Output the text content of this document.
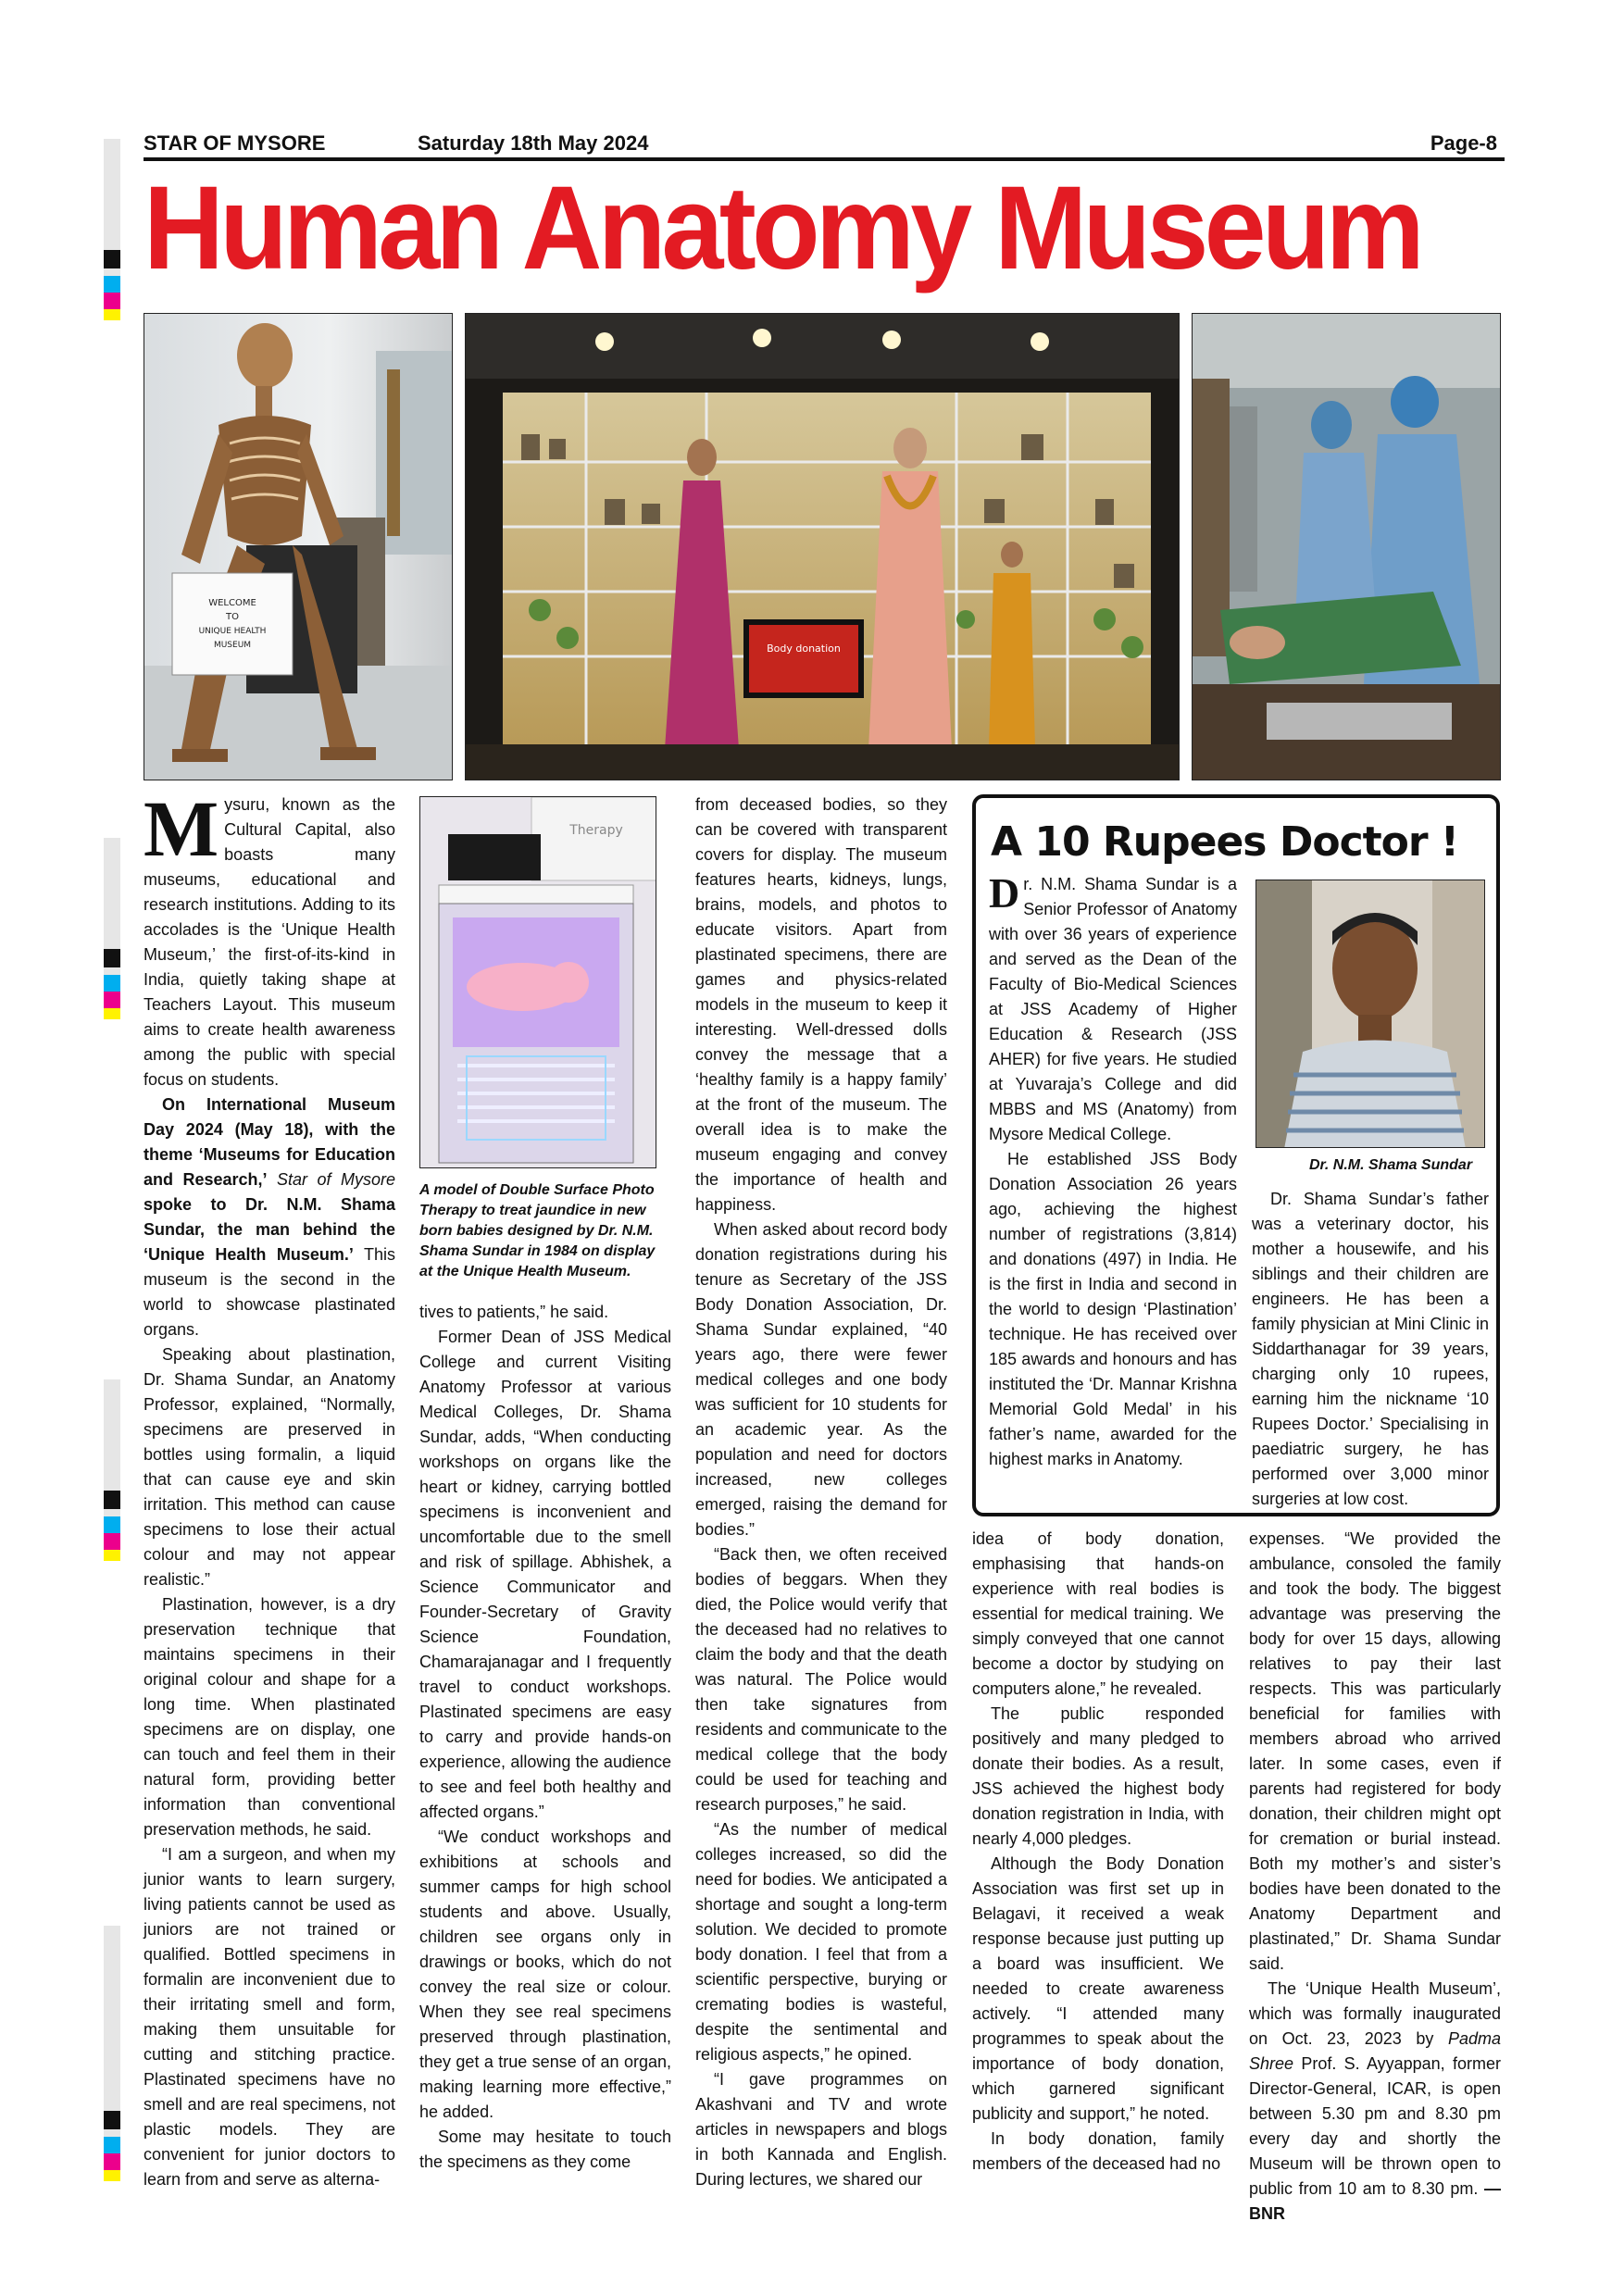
STAR OF MYSORE	Saturday 18th May 2024	Page-8
Human Anatomy Museum
WELCOME
TO
UNIQUE HEALTH
MUSEUM	Body donation

Mysuru, known as the Cultural Capital, also boasts many museums, educational and research institutions. Adding to its accolades is the ‘Unique Health Museum,’ the first-of-its-kind in India, quietly taking shape at Teachers Layout. This museum aims to create health awareness among the public with special focus on students.

On International Museum Day 2024 (May 18), with the theme ‘Museums for Education and Research,’ Star of Mysore spoke to Dr. N.M. Shama Sundar, the man behind the ‘Unique Health Museum.’ This museum is the second in the world to showcase plastinated organs.

Speaking about plastination, Dr. Shama Sundar, an Anatomy Professor, explained, “Normally, specimens are preserved in bottles using formalin, a liquid that can cause eye and skin irritation. This method can cause specimens to lose their actual colour and may not appear realistic.”

Plastination, however, is a dry preservation technique that maintains specimens in their original colour and shape for a long time. When plastinated specimens are on display, one can touch and feel them in their natural form, providing better information than conventional preservation methods, he said.

“I am a surgeon, and when my junior wants to learn surgery, living patients cannot be used as juniors are not trained or qualified. Bottled specimens in formalin are inconvenient due to their irritating smell and form, making them unsuitable for cutting and stitching practice. Plastinated specimens have no smell and are real specimens, not plastic models. They are convenient for junior doctors to learn from and serve as alterna-

Therapy
A model of Double Surface Photo Therapy to treat jaundice in new born babies designed by Dr. N.M. Shama Sundar in 1984 on display at the Unique Health Museum.

tives to patients,” he said.

Former Dean of JSS Medical College and current Visiting Anatomy Professor at various Medical Colleges, Dr. Shama Sundar, adds, “When conducting workshops on organs like the heart or kidney, carrying bottled specimens is inconvenient and uncomfortable due to the smell and risk of spillage. Abhishek, a Science Communicator and Founder-Secretary of Gravity Science Foundation, Chamarajanagar and I frequently travel to conduct workshops. Plastinated specimens are easy to carry and provide hands-on experience, allowing the audience to see and feel both healthy and affected organs.”

“We conduct workshops and exhibitions at schools and summer camps for high school students and above. Usually, children see organs only in drawings or books, which do not convey the real size or colour. When they see real specimens preserved through plastination, they get a true sense of an organ, making learning more effective,” he added.

Some may hesitate to touch the specimens as they come

from deceased bodies, so they can be covered with transparent covers for display. The museum features hearts, kidneys, lungs, brains, models, and photos to educate visitors. Apart from plastinated specimens, there are games and physics-related models in the museum to keep it interesting. Well-dressed dolls convey the message that a ‘healthy family is a happy family’ at the front of the museum. The overall idea is to make the museum engaging and convey the importance of health and happiness.

When asked about record body donation registrations during his tenure as Secretary of the JSS Body Donation Association, Dr. Shama Sundar explained, “40 years ago, there were fewer medical colleges and one body was sufficient for 10 students for an academic year. As the population and need for doctors increased, new colleges emerged, raising the demand for bodies.”

“Back then, we often received bodies of beggars. When they died, the Police would verify that the deceased had no relatives to claim the body and that the death was natural. The Police would then take signatures from residents and communicate to the medical college that the body could be used for teaching and research purposes,” he said.

“As the number of medical colleges increased, so did the need for bodies. We anticipated a shortage and sought a long-term solution. We decided to promote body donation. I feel that from a scientific perspective, burying or cremating bodies is wasteful, despite the sentimental and religious aspects,” he opined.

“I gave programmes on Akashvani and TV and wrote articles in newspapers and blogs in both Kannada and English. During lectures, we shared our

A 10 Rupees Doctor !

Dr. N.M. Shama Sundar is a Senior Professor of Anatomy with over 36 years of experience and served as the Dean of the Faculty of Bio-Medical Sciences at JSS Academy of Higher Education & Research (JSS AHER) for five years. He studied at Yuvaraja’s College and did MBBS and MS (Anatomy) from Mysore Medical College.

He established JSS Body Donation Association 26 years ago, achieving the highest number of registrations (3,814) and donations (497) in India. He is the first in India and second in the world to design ‘Plastination’ technique. He has received over 185 awards and honours and has instituted the ‘Dr. Mannar Krishna Memorial Gold Medal’ in his father’s name, awarded for the highest marks in Anatomy.

Dr. N.M. Shama Sundar

Dr. Shama Sundar’s father was a veterinary doctor, his mother a housewife, and his siblings and their children are engineers. He has been a family physician at Mini Clinic in Siddarthanagar for 39 years, charging only 10 rupees, earning him the nickname ‘10 Rupees Doctor.’ Specialising in paediatric surgery, he has performed over 3,000 minor surgeries at low cost.

idea of body donation, emphasising that hands-on experience with real bodies is essential for medical training. We simply conveyed that one cannot become a doctor by studying on computers alone,” he revealed.

The public responded positively and many pledged to donate their bodies. As a result, JSS achieved the highest body donation registration in India, with nearly 4,000 pledges.

Although the Body Donation Association was first set up in Belagavi, it received a weak response because just putting up a board was insufficient. We needed to create awareness actively. “I attended many programmes to speak about the importance of body donation, which garnered significant publicity and support,” he noted.

In body donation, family members of the deceased had no

expenses. “We provided the ambulance, consoled the family and took the body. The biggest advantage was preserving the body for over 15 days, allowing relatives to pay their last respects. This was particularly beneficial for families with members abroad who arrived later. In some cases, even if parents had registered for body donation, their children might opt for cremation or burial instead. Both my mother’s and sister’s bodies have been donated to the Anatomy Department and plastinated,” Dr. Shama Sundar said.

The ‘Unique Health Museum’, which was formally inaugurated on Oct. 23, 2023 by Padma Shree Prof. S. Ayyappan, former Director-General, ICAR, is open between 5.30 pm and 8.30 pm every day and shortly the Museum will be thrown open to public from 10 am to 8.30 pm. —BNR
